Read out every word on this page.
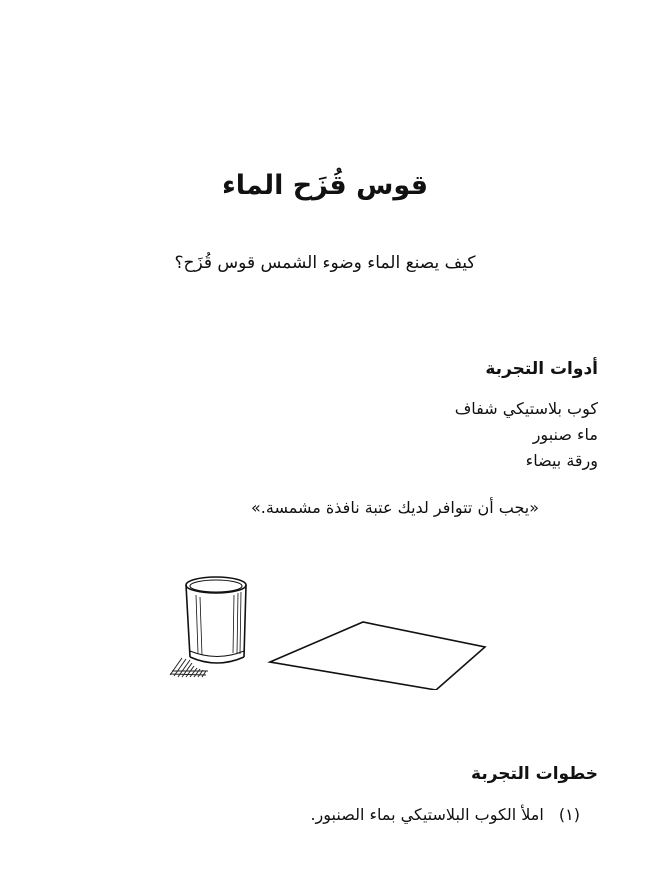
قوس قُزَح الماء

كيف يصنع الماء وضوء الشمس قوس قُزَح؟

أدوات التجربة
كوب بلاستيكي شفاف
ماء صنبور
ورقة بيضاء

«يجب أن تتوافر لديك عتبة نافذة مشمسة.»

خطوات التجربة
(١) املأ الكوب البلاستيكي بماء الصنبور.
